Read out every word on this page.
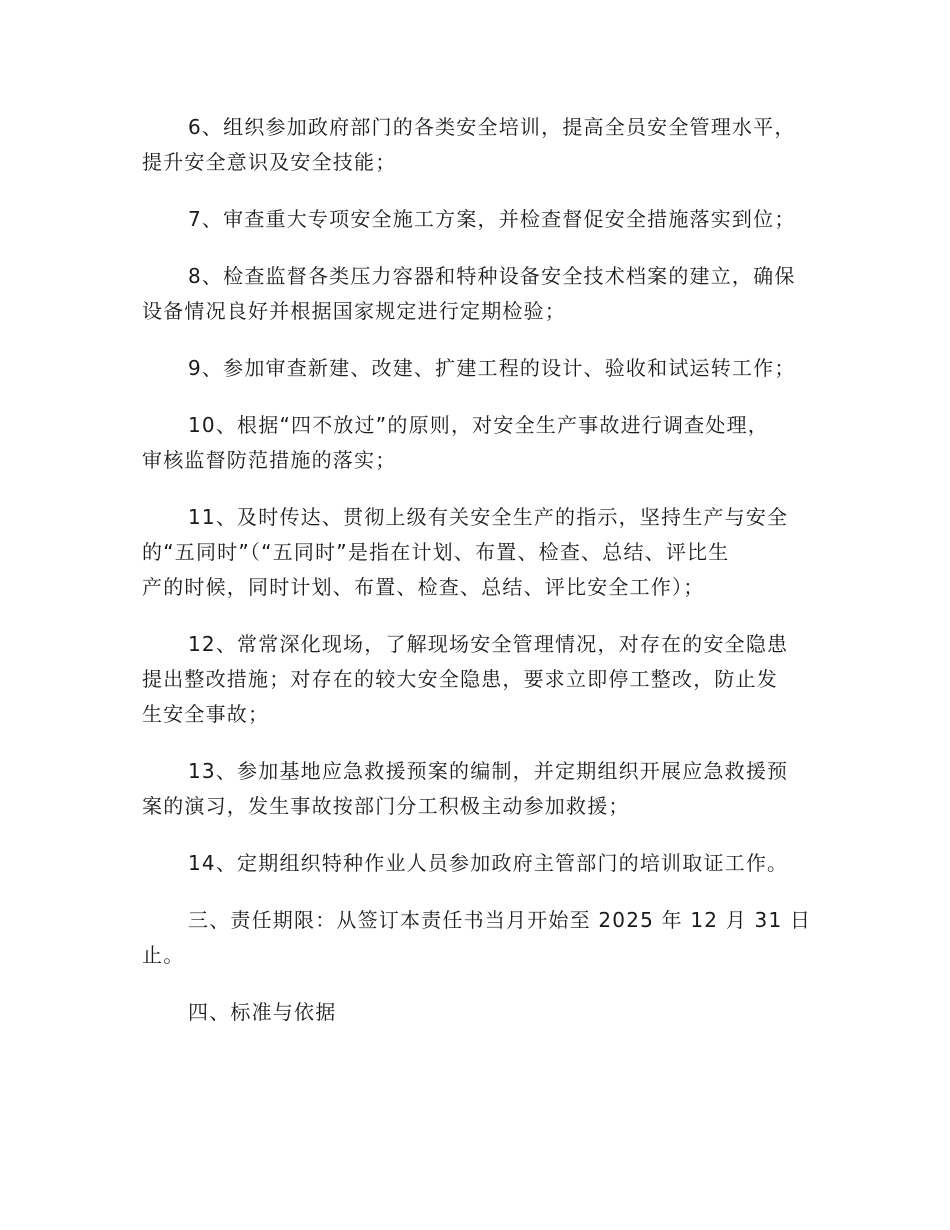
6、组织参加政府部门的各类安全培训，提高全员安全管理水平，
提升安全意识及安全技能；

7、审查重大专项安全施工方案，并检查督促安全措施落实到位；

8、检查监督各类压力容器和特种设备安全技术档案的建立，确保
设备情况良好并根据国家规定进行定期检验；

9、参加审查新建、改建、扩建工程的设计、验收和试运转工作；

10、根据“四不放过”的原则，对安全生产事故进行调查处理，
审核监督防范措施的落实；

11、及时传达、贯彻上级有关安全生产的指示，坚持生产与安全
的“五同时”（“五同时”是指在计划、布置、检查、总结、评比生
产的时候，同时计划、布置、检查、总结、评比安全工作）；

12、常常深化现场，了解现场安全管理情况，对存在的安全隐患
提出整改措施；对存在的较大安全隐患，要求立即停工整改，防止发
生安全事故；

13、参加基地应急救援预案的编制，并定期组织开展应急救援预
案的演习，发生事故按部门分工积极主动参加救援；

14、定期组织特种作业人员参加政府主管部门的培训取证工作。

三、责任期限：从签订本责任书当月开始至 2025 年 12 月 31 日
止。

四、标准与依据
